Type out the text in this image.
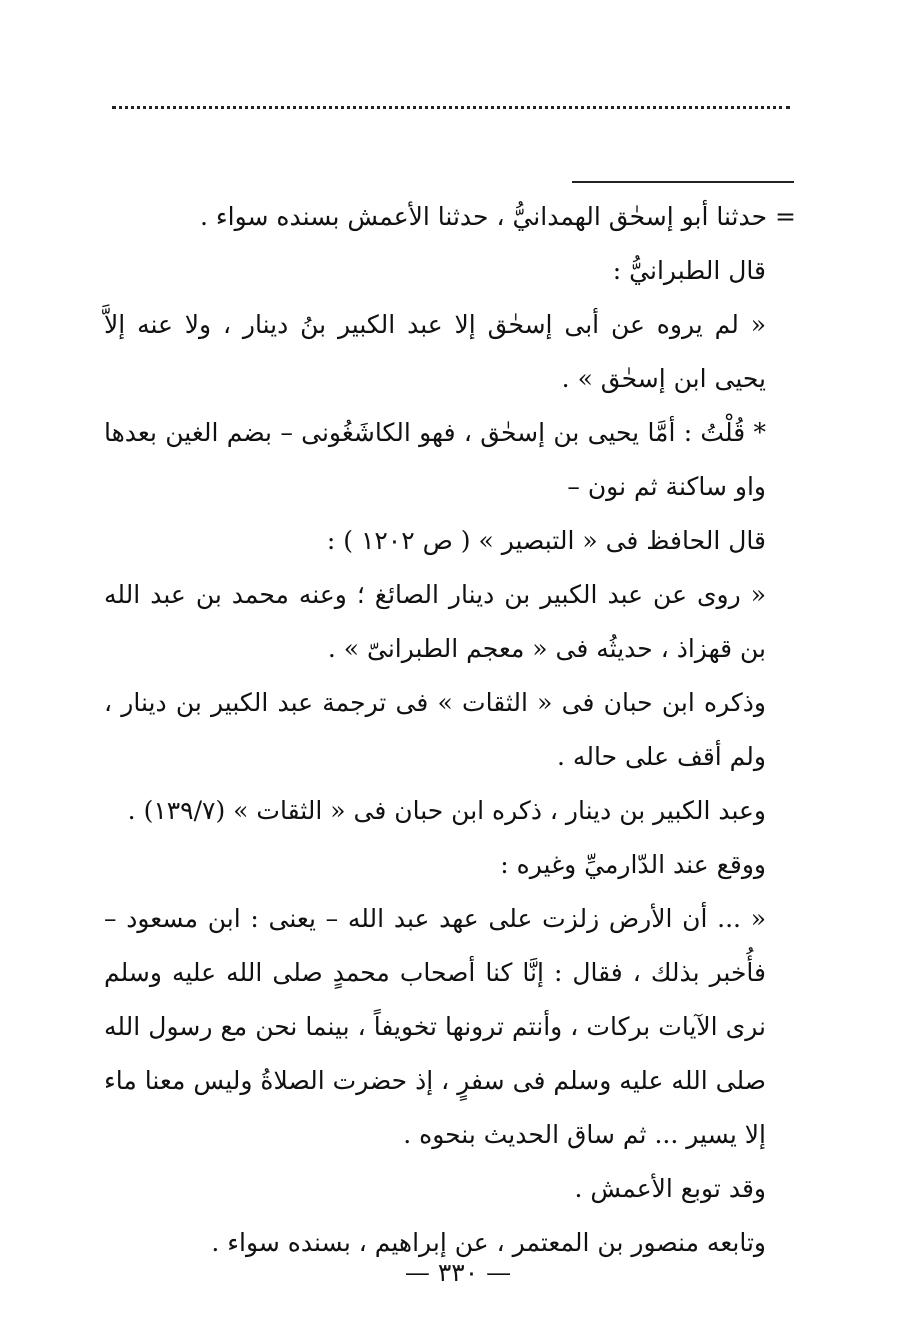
= حدثنا أبو إسحٰق الهمدانيُّ ، حدثنا الأعمش بسنده سواء .

قال الطبرانيُّ :

« لم يروه عن أبى إسحٰق إلا عبد الكبير بنُ دينار ، ولا عنه إلاَّ يحيى ابن إسحٰق » .

* قُلْتُ : أمَّا يحيى بن إسحٰق ، فهو الكاشَغُونى – بضم الغين بعدها واو ساكنة ثم نون –

قال الحافظ فى « التبصير » ( ص ١٢٠٢ ) :

« روى عن عبد الكبير بن دينار الصائغ ؛ وعنه محمد بن عبد الله بن قهزاذ ، حديثُه فى « معجم الطبرانىّ » .

وذكره ابن حبان فى « الثقات » فى ترجمة عبد الكبير بن دينار ، ولم أقف على حاله .

وعبد الكبير بن دينار ، ذكره ابن حبان فى « الثقات » (١٣٩/٧) .

ووقع عند الدّارميِّ وغيره :

« ... أن الأرض زلزت على عهد عبد الله – يعنى : ابن مسعود – فأُخبر بذلك ، فقال : إنَّا كنا أصحاب محمدٍ صلى الله عليه وسلم نرى الآيات بركات ، وأنتم ترونها تخويفاً ، بينما نحن مع رسول الله صلى الله عليه وسلم فى سفرٍ ، إذ حضرت الصلاةُ وليس معنا ماء إلا يسير ... ثم ساق الحديث بنحوه .

وقد توبع الأعمش .

وتابعه منصور بن المعتمر ، عن إبراهيم ، بسنده سواء .

— ٣٣٠ —
